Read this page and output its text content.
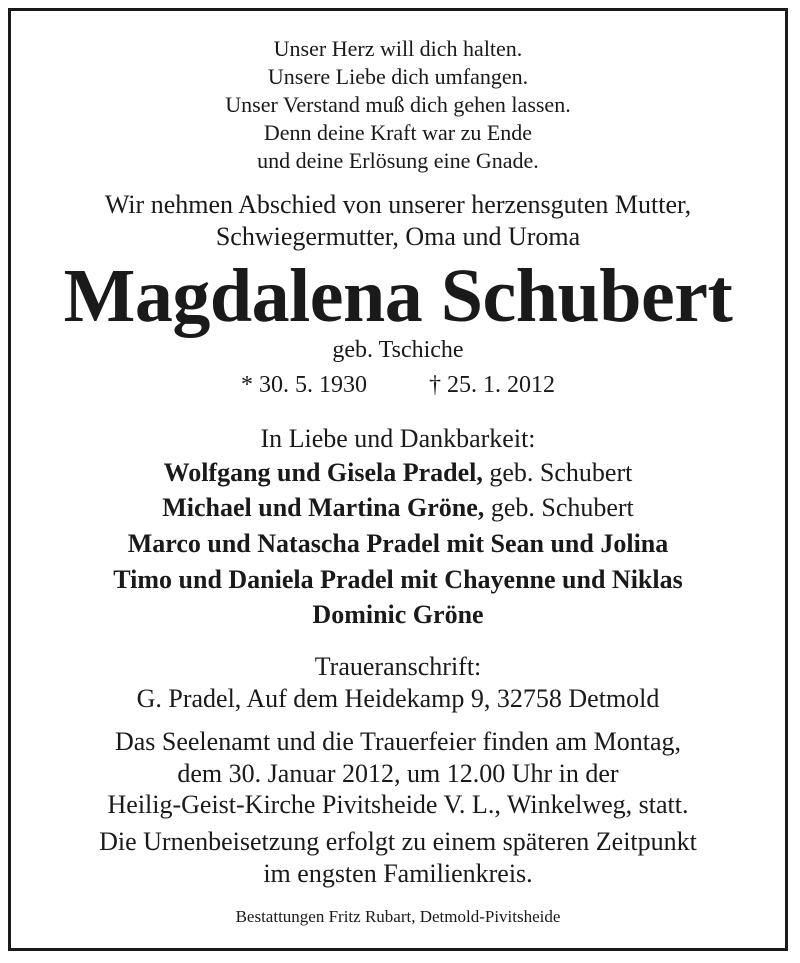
Unser Herz will dich halten.
Unsere Liebe dich umfangen.
Unser Verstand muß dich gehen lassen.
Denn deine Kraft war zu Ende
und deine Erlösung eine Gnade.
Wir nehmen Abschied von unserer herzensguten Mutter,
Schwiegermutter, Oma und Uroma
Magdalena Schubert
geb. Tschiche
* 30. 5. 1930	† 25. 1. 2012
In Liebe und Dankbarkeit:
Wolfgang und Gisela Pradel, geb. Schubert
Michael und Martina Gröne, geb. Schubert
Marco und Natascha Pradel mit Sean und Jolina
Timo und Daniela Pradel mit Chayenne und Niklas
Dominic Gröne
Traueranschrift:
G. Pradel, Auf dem Heidekamp 9, 32758 Detmold
Das Seelenamt und die Trauerfeier finden am Montag,
dem 30. Januar 2012, um 12.00 Uhr in der
Heilig-Geist-Kirche Pivitsheide V. L., Winkelweg, statt.
Die Urnenbeisetzung erfolgt zu einem späteren Zeitpunkt
im engsten Familienkreis.
Bestattungen Fritz Rubart, Detmold-Pivitsheide
